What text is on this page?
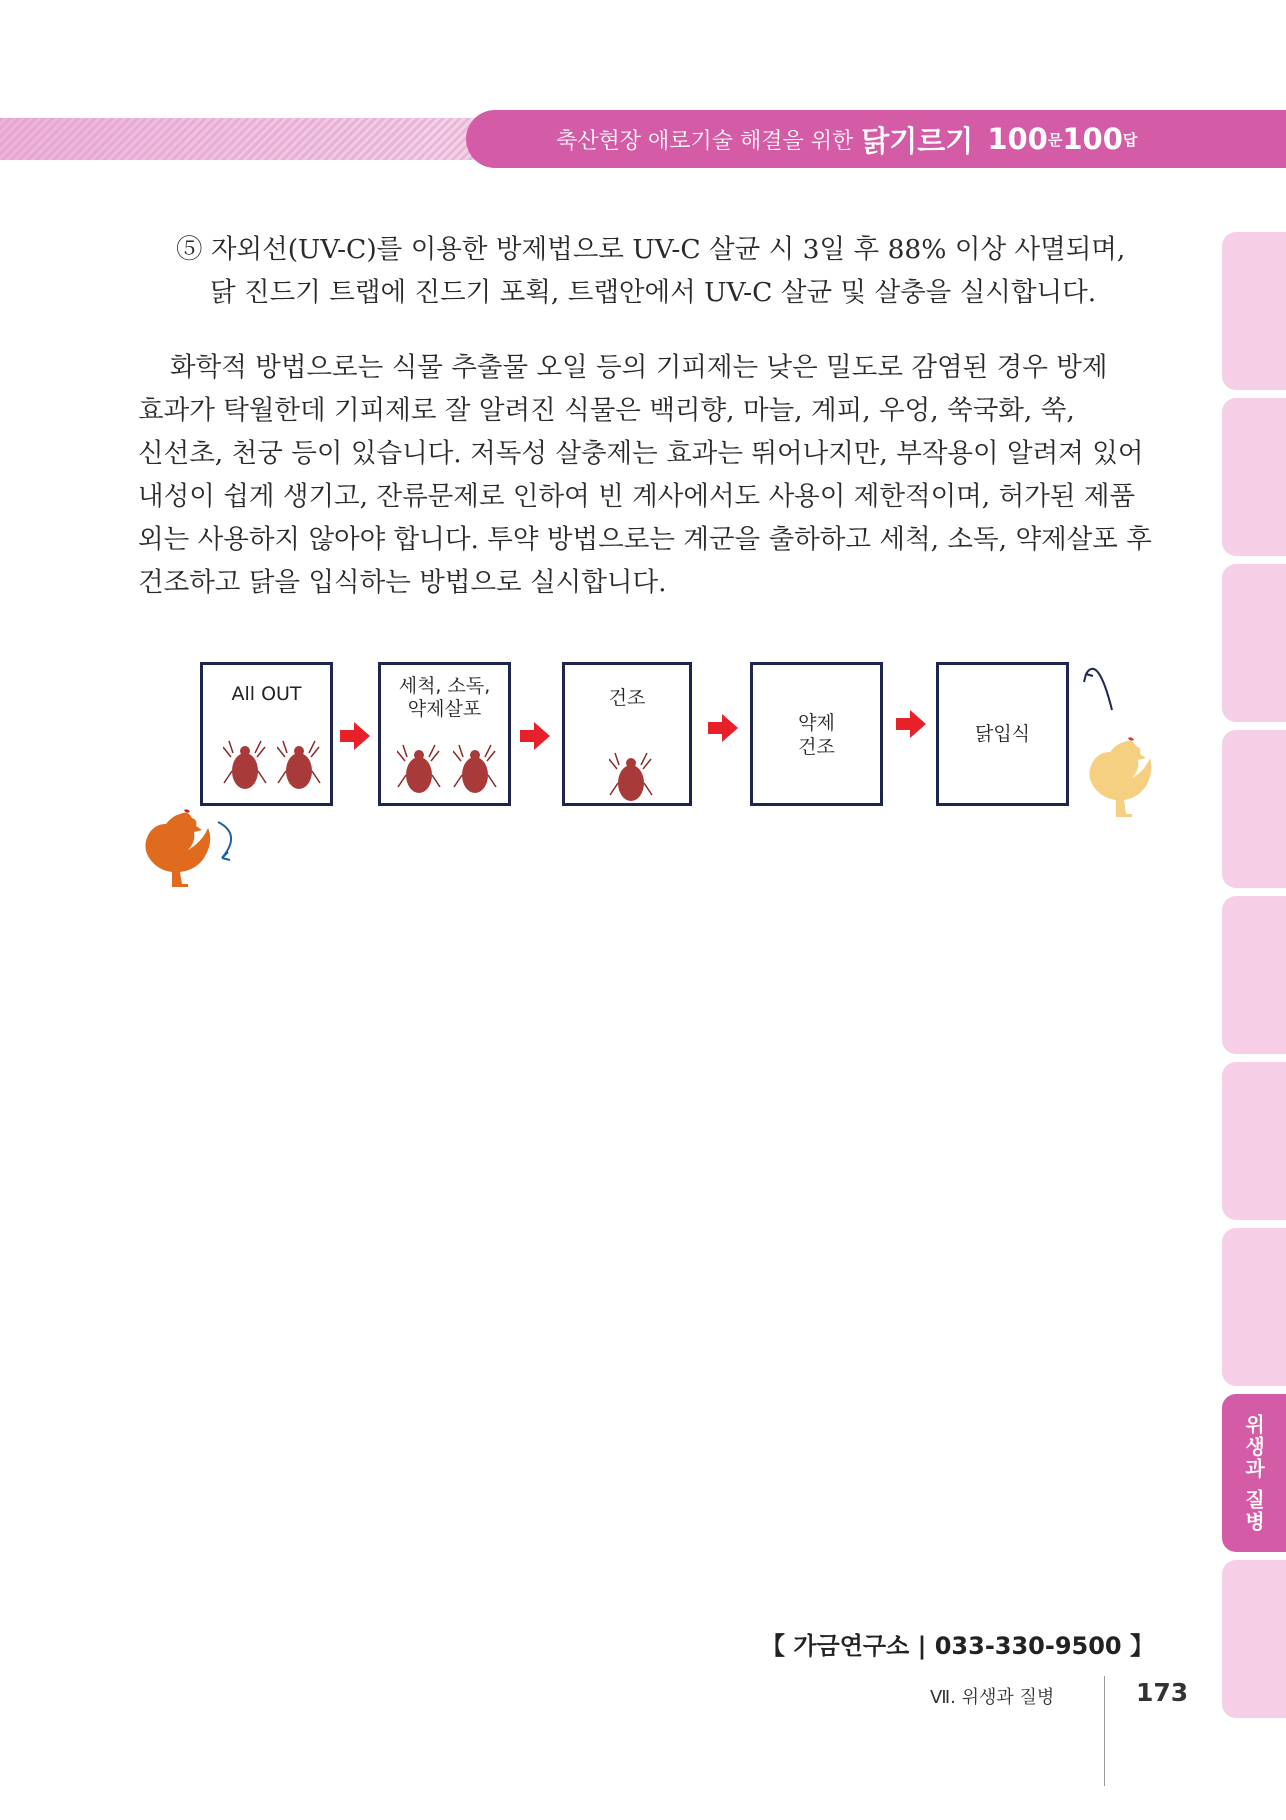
축산현장 애로기술 해결을 위한 닭기르기 100 문 100 답
⑤ 자외선(UV-C)를 이용한 방제법으로 UV-C 살균 시 3일 후 88% 이상 사멸되며,
닭 진드기 트랩에 진드기 포획, 트랩안에서 UV-C 살균 및 살충을 실시합니다.
화학적 방법으로는 식물 추출물 오일 등의 기피제는 낮은 밀도로 감염된 경우 방제
효과가 탁월한데 기피제로 잘 알려진 식물은 백리향, 마늘, 계피, 우엉, 쑥국화, 쑥,
신선초, 천궁 등이 있습니다. 저독성 살충제는 효과는 뛰어나지만, 부작용이 알려져 있어
내성이 쉽게 생기고, 잔류문제로 인하여 빈 계사에서도 사용이 제한적이며, 허가된 제품
외는 사용하지 않아야 합니다. 투약 방법으로는 계군을 출하하고 세척, 소독, 약제살포 후
건조하고 닭을 입식하는 방법으로 실시합니다.
All OUT	세척, 소독,
약제살포	건조
약제
건조
닭입식
위생과 질병
【 가금연구소 | 033-330-9500 】
Ⅶ. 위생과 질병	173
